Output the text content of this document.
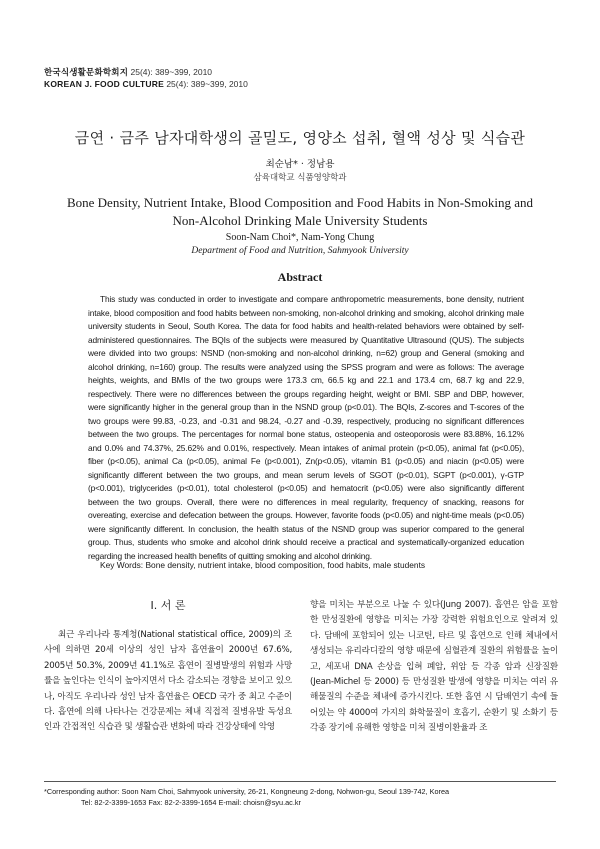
한국식생활문화학회지 25(4): 389~399, 2010
KOREAN J. FOOD CULTURE 25(4): 389~399, 2010
금연 · 금주 남자대학생의 골밀도, 영양소 섭취, 혈액 성상 및 식습관
최순남* · 정남용
삼육대학교 식품영양학과
Bone Density, Nutrient Intake, Blood Composition and Food Habits in Non-Smoking and Non-Alcohol Drinking Male University Students
Soon-Nam Choi*, Nam-Yong Chung
Department of Food and Nutrition, Sahmyook University
Abstract

This study was conducted in order to investigate and compare anthropometric measurements, bone density, nutrient intake, blood composition and food habits between non-smoking, non-alcohol drinking and smoking, alcohol drinking male university students in Seoul, South Korea. The data for food habits and health-related behaviors were obtained by self-administered questionnaires. The BQIs of the subjects were measured by Quantitative Ultrasound (QUS). The subjects were divided into two groups: NSND (non-smoking and non-alcohol drinking, n=62) group and General (smoking and alcohol drinking, n=160) group. The results were analyzed using the SPSS program and were as follows: The average heights, weights, and BMIs of the two groups were 173.3 cm, 66.5 kg and 22.1 and 173.4 cm, 68.7 kg and 22.9, respectively. There were no differences between the groups regarding height, weight or BMI. SBP and DBP, however, were significantly higher in the general group than in the NSND group (p<0.01). The BQIs, Z-scores and T-scores of the two groups were 99.83, -0.23, and -0.31 and 98.24, -0.27 and -0.39, respectively, producing no significant differences between the two groups. The percentages for normal bone status, osteopenia and osteoporosis were 83.88%, 16.12% and 0.0% and 74.37%, 25.62% and 0.01%, respectively. Mean intakes of animal protein (p<0.05), animal fat (p<0.05), fiber (p<0.05), animal Ca (p<0.05), animal Fe (p<0.001), Zn(p<0.05), vitamin B1 (p<0.05) and niacin (p<0.05) were significantly different between the two groups, and mean serum levels of SGOT (p<0.01), SGPT (p<0.001), γ-GTP (p<0.001), triglycerides (p<0.01), total cholesterol (p<0.05) and hematocrit (p<0.05) were also significantly different between the two groups. Overall, there were no differences in meal regularity, frequency of snacking, reasons for overeating, exercise and defecation between the groups. However, favorite foods (p<0.05) and night-time meals (p<0.05) were significantly different. In conclusion, the health status of the NSND group was superior compared to the general group. Thus, students who smoke and alcohol drink should receive a practical and systematically-organized education regarding the increased health benefits of quitting smoking and alcohol drinking.

Key Words: Bone density, nutrient intake, blood composition, food habits, male students
I. 서 론

최근 우리나라 통계청(National statistical office, 2009)의 조사에 의하면 20세 이상의 성인 남자 흡연율이 2000년 67.6%, 2005년 50.3%, 2009년 41.1%로 흡연이 질병발생의 위험과 사망률을 높인다는 인식이 높아지면서 다소 감소되는 경향을 보이고 있으나, 아직도 우리나라 성인 남자 흡연율은 OECD 국가 중 최고 수준이다. 흡연에 의해 나타나는 건강문제는 체내 직접적 질병유발 독성요인과 간접적인 식습관 및 생활습관 변화에 따라 건강상태에 악영

향을 미치는 부분으로 나눌 수 있다(Jung 2007). 흡연은 암을 포함한 만성질환에 영향을 미치는 가장 강력한 위험요인으로 알려져 있다. 담배에 포함되어 있는 니코틴, 타르 및 흡연으로 인해 체내에서 생성되는 유리라디칼의 영향 때문에 심혈관계 질환의 위험률을 높이고, 세포내 DNA 손상을 입혀 폐암, 위암 등 각종 암과 신장질환(Jean-Michel 등 2000) 등 만성질환 발생에 영향을 미치는 여러 유해물질의 수준을 체내에 증가시킨다. 또한 흡연 시 담배연기 속에 들어있는 약 4000여 가지의 화학물질이 호흡기, 순환기 및 소화기 등 각종 장기에 유해한 영향을 미쳐 질병이환율과 조

*Corresponding author: Soon Nam Choi, Sahmyook university, 26-21, Kongneung 2-dong, Nohwon-gu, Seoul 139-742, Korea
Tel: 82-2-3399-1653 Fax: 82-2-3399-1654 E-mail: choisn@syu.ac.kr
